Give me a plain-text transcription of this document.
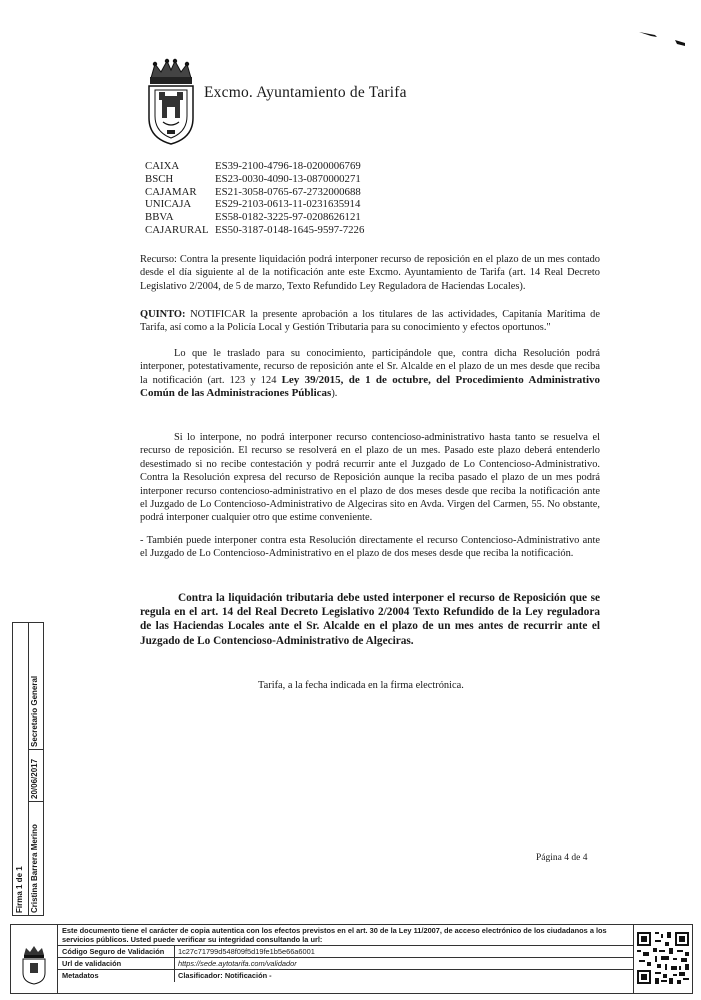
Excmo. Ayuntamiento de Tarifa
CAIXA	ES39-2100-4796-18-0200006769
BSCH	ES23-0030-4090-13-0870000271
CAJAMAR	ES21-3058-0765-67-2732000688
UNICAJA	ES29-2103-0613-11-0231635914
BBVA	ES58-0182-3225-97-0208626121
CAJARURAL ES50-3187-0148-1645-9597-7226
Recurso: Contra la presente liquidación podrá interponer recurso de reposición en el plazo de un mes contado desde el día siguiente al de la notificación ante este Excmo. Ayuntamiento de Tarifa (art. 14 Real Decreto Legislativo 2/2004, de 5 de marzo, Texto Refundido Ley Reguladora de Haciendas Locales).
QUINTO: NOTIFICAR la presente aprobación a los titulares de las actividades, Capitanía Marítima de Tarifa, así como a la Policía Local y Gestión Tributaria para su conocimiento y efectos oportunos."
Lo que le traslado para su conocimiento, participándole que, contra dicha Resolución podrá interponer, potestativamente, recurso de reposición ante el Sr. Alcalde en el plazo de un mes desde que reciba la notificación (art. 123 y 124 Ley 39/2015, de 1 de octubre, del Procedimiento Administrativo Común de las Administraciones Públicas).
Si lo interpone, no podrá interponer recurso contencioso-administrativo hasta tanto se resuelva el recurso de reposición. El recurso se resolverá en el plazo de un mes. Pasado este plazo deberá entenderlo desestimado si no recibe contestación y podrá recurrir ante el Juzgado de Lo Contencioso-Administrativo. Contra la Resolución expresa del recurso de Reposición aunque la reciba pasado el plazo de un mes podrá interponer recurso contencioso-administrativo en el plazo de dos meses desde que reciba la notificación ante el Juzgado de Lo Contencioso-Administrativo de Algeciras sito en Avda. Virgen del Carmen, 55. No obstante, podrá interponer cualquier otro que estime conveniente.
- También puede interponer contra esta Resolución directamente el recurso Contencioso-Administrativo ante el Juzgado de Lo Contencioso-Administrativo en el plazo de dos meses desde que reciba la notificación.
Contra la liquidación tributaria debe usted interponer el recurso de Reposición que se regula en el art. 14 del Real Decreto Legislativo 2/2004 Texto Refundido de la Ley reguladora de las Haciendas Locales ante el Sr. Alcalde en el plazo de un mes antes de recurrir ante el Juzgado de Lo Contencioso-Administrativo de Algeciras.
Tarifa, a la fecha indicada en la firma electrónica.
Página 4 de 4
Firma 1 de 1 Cristina Barrera Merino
20/06/2017
Secretario General
Este documento tiene el carácter de copia autentica con los efectos previstos en el art. 30 de la Ley 11/2007, de acceso electrónico de los ciudadanos a los servicios públicos. Usted puede verificar su integridad consultando la url:
Código Seguro de Validación 1c27c71799d548f09f5d19fe1b5e66a6001
Url de validación	https://sede.aytotarifa.com/validador
Metadatos	Clasificador: Notificación -
